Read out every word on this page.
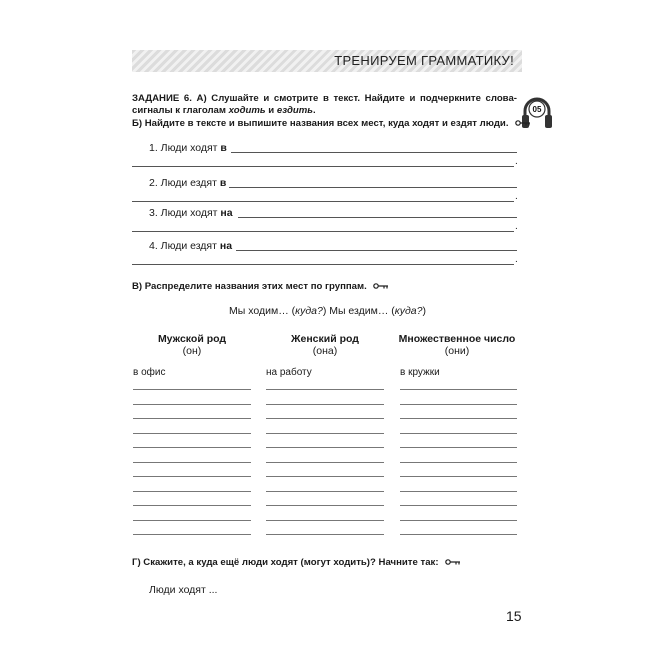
ТРЕНИРУЕМ ГРАММАТИКУ!
05
ЗАДАНИЕ 6. А) Слушайте и смотрите в текст. Найдите и подчеркните слова-сигналы к глаголам ходить и ездить.
Б) Найдите в тексте и выпишите названия всех мест, куда ходят и ездят люди.
1. Люди ходят в
.
2. Люди ездят в
.
3. Люди ходят на
.
4. Люди ездят на
.
В) Распределите названия этих мест по группам.
Мы ходим… (куда?) Мы ездим… (куда?)
Мужской род
(он)
Женский род
(она)
Множественное число
(они)
в офис	на работу	в кружки
Г) Скажите, а куда ещё люди ходят (могут ходить)? Начните так:
Люди ходят ...
15
